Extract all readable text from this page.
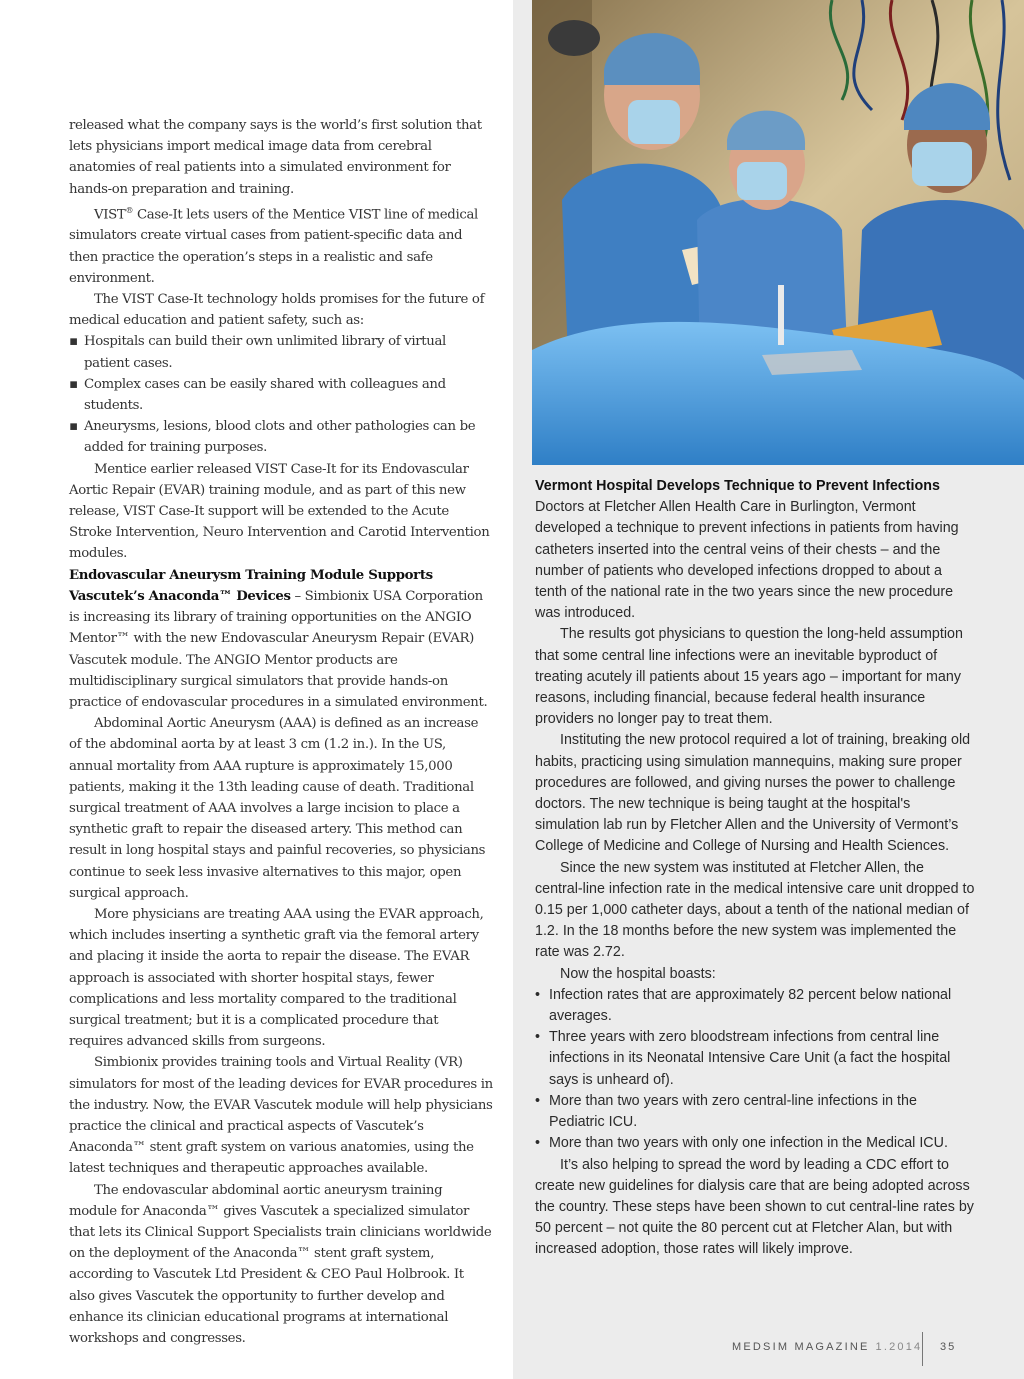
released what the company says is the world’s first solution that lets physicians import medical image data from cerebral anatomies of real patients into a simulated environment for hands-on preparation and training.

VIST® Case-It lets users of the Mentice VIST line of medical simulators create virtual cases from patient-specific data and then practice the operation’s steps in a realistic and safe environment.

The VIST Case-It technology holds promises for the future of medical education and patient safety, such as:

▪ Hospitals can build their own unlimited library of virtual patient cases.
▪ Complex cases can be easily shared with colleagues and students.
▪ Aneurysms, lesions, blood clots and other pathologies can be added for training purposes.

Mentice earlier released VIST Case-It for its Endovascular Aortic Repair (EVAR) training module, and as part of this new release, VIST Case-It support will be extended to the Acute Stroke Intervention, Neuro Intervention and Carotid Intervention modules.

Endovascular Aneurysm Training Module Supports Vascutek’s Anaconda™ Devices – Simbionix USA Corporation is increasing its library of training opportunities on the ANGIO Mentor™ with the new Endovascular Aneurysm Repair (EVAR) Vascutek module. The ANGIO Mentor products are multidisciplinary surgical simulators that provide hands-on practice of endovascular procedures in a simulated environment.

Abdominal Aortic Aneurysm (AAA) is defined as an increase of the abdominal aorta by at least 3 cm (1.2 in.). In the US, annual mortality from AAA rupture is approximately 15,000 patients, making it the 13th leading cause of death. Traditional surgical treatment of AAA involves a large incision to place a synthetic graft to repair the diseased artery. This method can result in long hospital stays and painful recoveries, so physicians continue to seek less invasive alternatives to this major, open surgical approach.

More physicians are treating AAA using the EVAR approach, which includes inserting a synthetic graft via the femoral artery and placing it inside the aorta to repair the disease. The EVAR approach is associated with shorter hospital stays, fewer complications and less mortality compared to the traditional surgical treatment; but it is a complicated procedure that requires advanced skills from surgeons.

Simbionix provides training tools and Virtual Reality (VR) simulators for most of the leading devices for EVAR procedures in the industry. Now, the EVAR Vascutek module will help physicians practice the clinical and practical aspects of Vascutek’s Anaconda™ stent graft system on various anatomies, using the latest techniques and therapeutic approaches available.

The endovascular abdominal aortic aneurysm training module for Anaconda™ gives Vascutek a specialized simulator that lets its Clinical Support Specialists train clinicians worldwide on the deployment of the Anaconda™ stent graft system, according to Vascutek Ltd President & CEO Paul Holbrook. It also gives Vascutek the opportunity to further develop and enhance its clinician educational programs at international workshops and congresses.

Vermont Hospital Develops Technique to Prevent Infections

Doctors at Fletcher Allen Health Care in Burlington, Vermont developed a technique to prevent infections in patients from having catheters inserted into the central veins of their chests – and the number of patients who developed infections dropped to about a tenth of the national rate in the two years since the new procedure was introduced.

The results got physicians to question the long-held assumption that some central line infections were an inevitable byproduct of treating acutely ill patients about 15 years ago – important for many reasons, including financial, because federal health insurance providers no longer pay to treat them.

Instituting the new protocol required a lot of training, breaking old habits, practicing using simulation mannequins, making sure proper procedures are followed, and giving nurses the power to challenge doctors. The new technique is being taught at the hospital's simulation lab run by Fletcher Allen and the University of Vermont’s College of Medicine and College of Nursing and Health Sciences.

Since the new system was instituted at Fletcher Allen, the central-line infection rate in the medical intensive care unit dropped to 0.15 per 1,000 catheter days, about a tenth of the national median of 1.2. In the 18 months before the new system was implemented the rate was 2.72.

Now the hospital boasts:

• Infection rates that are approximately 82 percent below national averages.
• Three years with zero bloodstream infections from central line infections in its Neonatal Intensive Care Unit (a fact the hospital says is unheard of).
• More than two years with zero central-line infections in the Pediatric ICU.
• More than two years with only one infection in the Medical ICU.

It’s also helping to spread the word by leading a CDC effort to create new guidelines for dialysis care that are being adopted across the country. These steps have been shown to cut central-line rates by 50 percent – not quite the 80 percent cut at Fletcher Alan, but with increased adoption, those rates will likely improve.

MEDSIM MAGAZINE 1.2014 35
